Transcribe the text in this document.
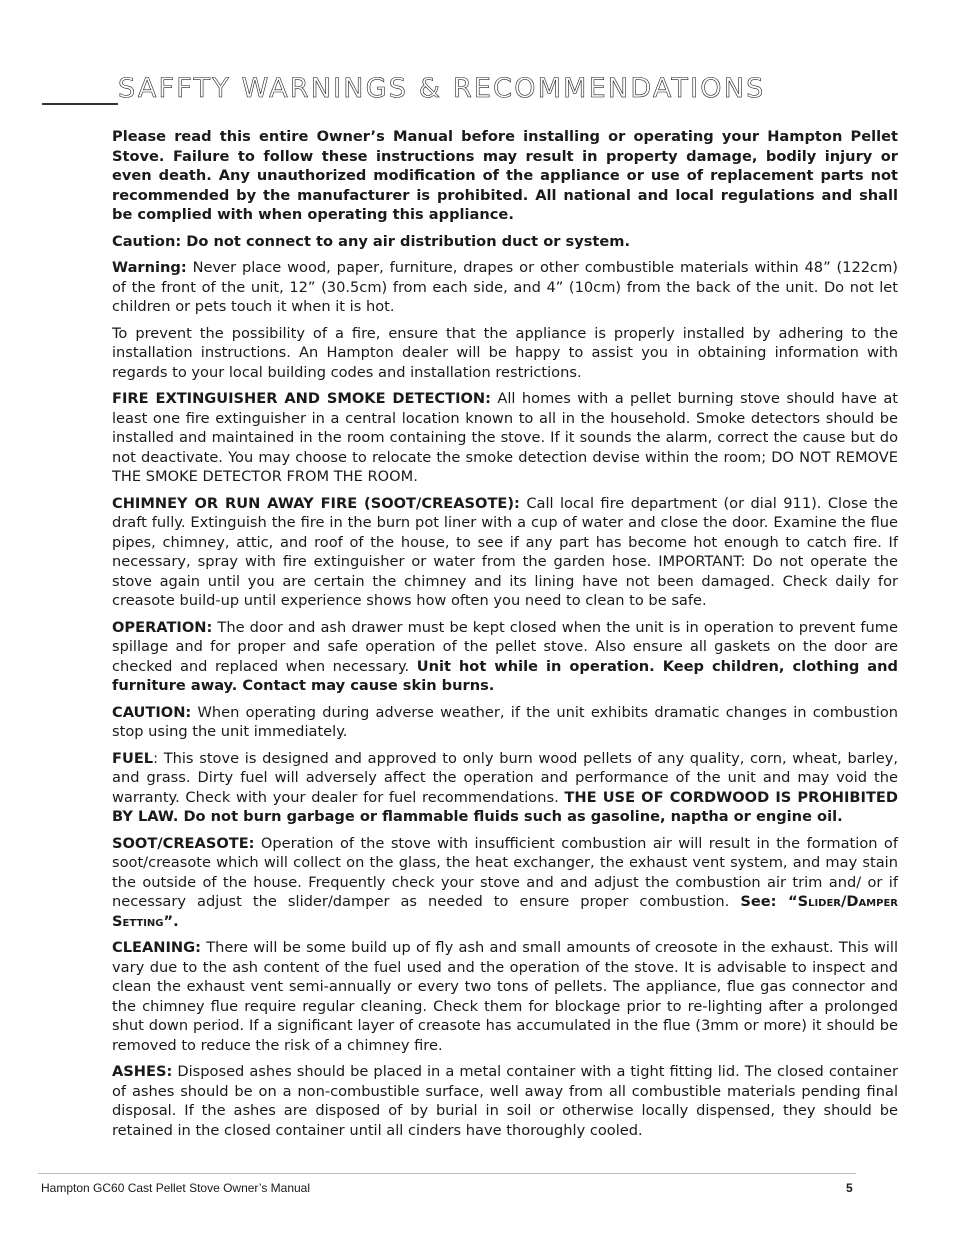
SAFFTY WARNINGS & RECOMMENDATIONS

Please read this entire Owner’s Manual before installing or operating your Hampton Pellet Stove. Failure to follow these instructions may result in property damage, bodily injury or even death. Any unauthorized modification of the appliance or use of replacement parts not recommended by the manufacturer is prohibited. All national and local regulations and shall be complied with when operating this appliance.

Caution: Do not connect to any air distribution duct or system.

Warning: Never place wood, paper, furniture, drapes or other combustible materials within 48” (122cm) of the front of the unit, 12” (30.5cm) from each side, and 4” (10cm) from the back of the unit. Do not let children or pets touch it when it is hot.

To prevent the possibility of a fire, ensure that the appliance is properly installed by adhering to the installation instructions. An Hampton dealer will be happy to assist you in obtaining information with regards to your local building codes and installation restrictions.

FIRE EXTINGUISHER AND SMOKE DETECTION: All homes with a pellet burning stove should have at least one fire extinguisher in a central location known to all in the household. Smoke detectors should be installed and maintained in the room containing the stove. If it sounds the alarm, correct the cause but do not deactivate. You may choose to relocate the smoke detection devise within the room; DO NOT REMOVE THE SMOKE DETECTOR FROM THE ROOM.

CHIMNEY OR RUN AWAY FIRE (SOOT/CREASOTE): Call local fire department (or dial 911). Close the draft fully. Extinguish the fire in the burn pot liner with a cup of water and close the door. Examine the flue pipes, chimney, attic, and roof of the house, to see if any part has become hot enough to catch fire. If necessary, spray with fire extinguisher or water from the garden hose. IMPORTANT: Do not operate the stove again until you are certain the chimney and its lining have not been damaged. Check daily for creasote build-up until experience shows how often you need to clean to be safe.

OPERATION: The door and ash drawer must be kept closed when the unit is in operation to prevent fume spillage and for proper and safe operation of the pellet stove. Also ensure all gaskets on the door are checked and replaced when necessary. Unit hot while in operation. Keep children, clothing and furniture away. Contact may cause skin burns.

CAUTION: When operating during adverse weather, if the unit exhibits dramatic changes in combustion stop using the unit immediately.

FUEL: This stove is designed and approved to only burn wood pellets of any quality, corn, wheat, barley, and grass. Dirty fuel will adversely affect the operation and performance of the unit and may void the warranty. Check with your dealer for fuel recommendations. THE USE OF CORDWOOD IS PROHIBITED BY LAW. Do not burn garbage or flammable fluids such as gasoline, naptha or engine oil.

SOOT/CREASOTE: Operation of the stove with insufficient combustion air will result in the formation of soot/creasote which will collect on the glass, the heat exchanger, the exhaust vent system, and may stain the outside of the house. Frequently check your stove and and adjust the combustion air trim and/ or if necessary adjust the slider/damper as needed to ensure proper combustion. See: “Slider/Damper Setting”.

CLEANING: There will be some build up of fly ash and small amounts of creosote in the exhaust. This will vary due to the ash content of the fuel used and the operation of the stove. It is advisable to inspect and clean the exhaust vent semi-annually or every two tons of pellets. The appliance, flue gas connector and the chimney flue require regular cleaning. Check them for blockage prior to re-lighting after a prolonged shut down period. If a significant layer of creasote has accumulated in the flue (3mm or more) it should be removed to reduce the risk of a chimney fire.

ASHES: Disposed ashes should be placed in a metal container with a tight fitting lid. The closed container of ashes should be on a non-combustible surface, well away from all combustible materials pending final disposal. If the ashes are disposed of by burial in soil or otherwise locally dispensed, they should be retained in the closed container until all cinders have thoroughly cooled.

Hampton GC60 Cast Pellet Stove Owner’s Manual	5
